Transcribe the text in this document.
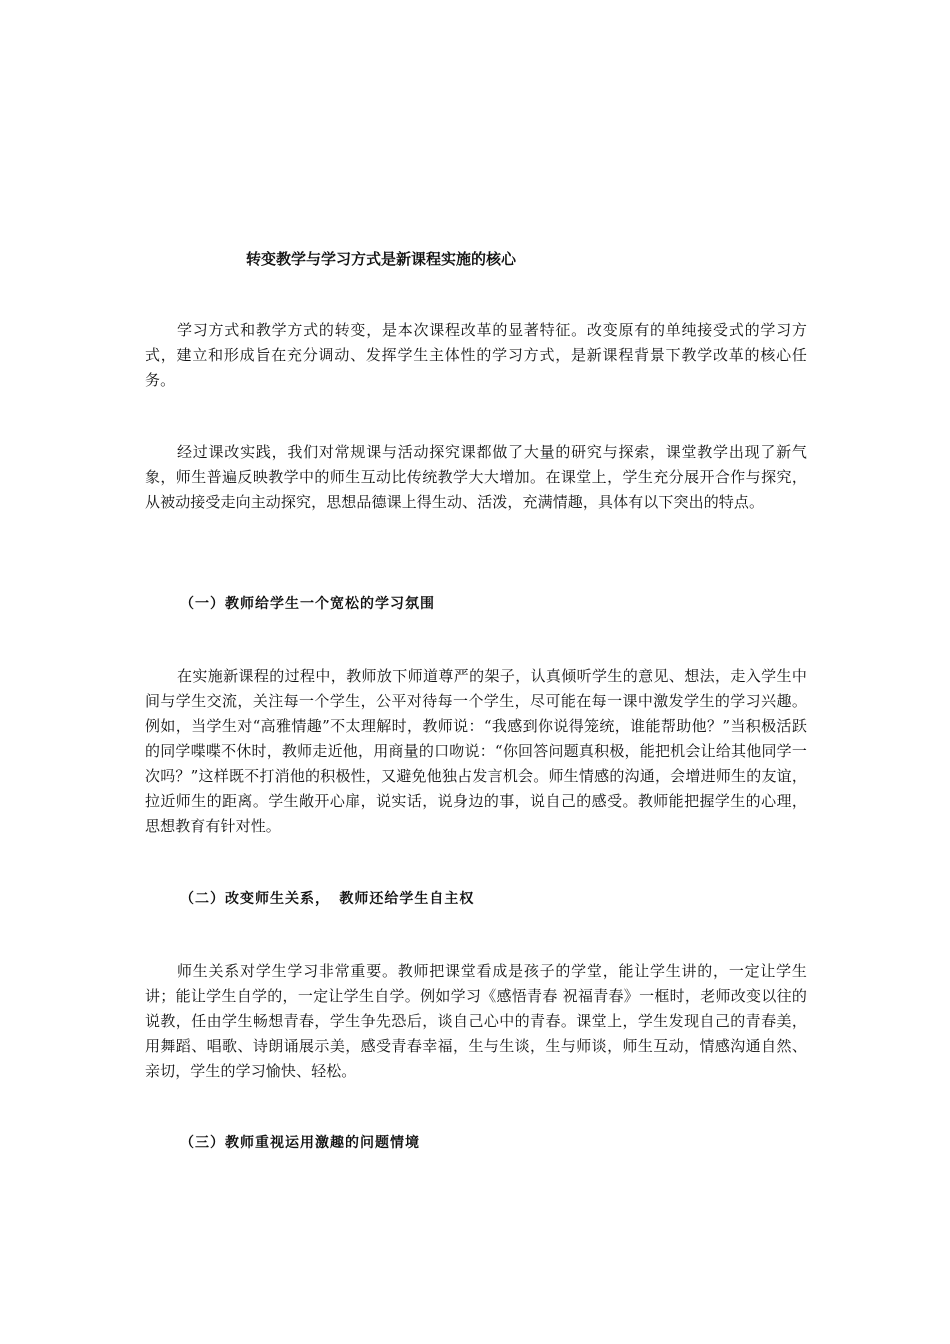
转变教学与学习方式是新课程实施的核心

学习方式和教学方式的转变，是本次课程改革的显著特征。改变原有的单纯接受式的学习方式，建立和形成旨在充分调动、发挥学生主体性的学习方式，是新课程背景下教学改革的核心任务。

经过课改实践，我们对常规课与活动探究课都做了大量的研究与探索，课堂教学出现了新气象，师生普遍反映教学中的师生互动比传统教学大大增加。在课堂上，学生充分展开合作与探究，从被动接受走向主动探究，思想品德课上得生动、活泼，充满情趣，具体有以下突出的特点。

（一）教师给学生一个宽松的学习氛围

在实施新课程的过程中，教师放下师道尊严的架子，认真倾听学生的意见、想法，走入学生中间与学生交流，关注每一个学生，公平对待每一个学生，尽可能在每一课中激发学生的学习兴趣。例如，当学生对“高雅情趣”不太理解时，教师说：“我感到你说得笼统，谁能帮助他？”当积极活跃的同学喋喋不休时，教师走近他，用商量的口吻说：“你回答问题真积极，能把机会让给其他同学一次吗？”这样既不打消他的积极性，又避免他独占发言机会。师生情感的沟通，会增进师生的友谊，拉近师生的距离。学生敞开心扉，说实话，说身边的事，说自己的感受。教师能把握学生的心理，思想教育有针对性。

（二）改变师生关系， 教师还给学生自主权

师生关系对学生学习非常重要。教师把课堂看成是孩子的学堂，能让学生讲的，一定让学生讲；能让学生自学的，一定让学生自学。例如学习《感悟青春 祝福青春》一框时，老师改变以往的说教，任由学生畅想青春，学生争先恐后，谈自己心中的青春。课堂上，学生发现自己的青春美，用舞蹈、唱歌、诗朗诵展示美，感受青春幸福，生与生谈，生与师谈，师生互动，情感沟通自然、亲切，学生的学习愉快、轻松。

（三）教师重视运用激趣的问题情境
